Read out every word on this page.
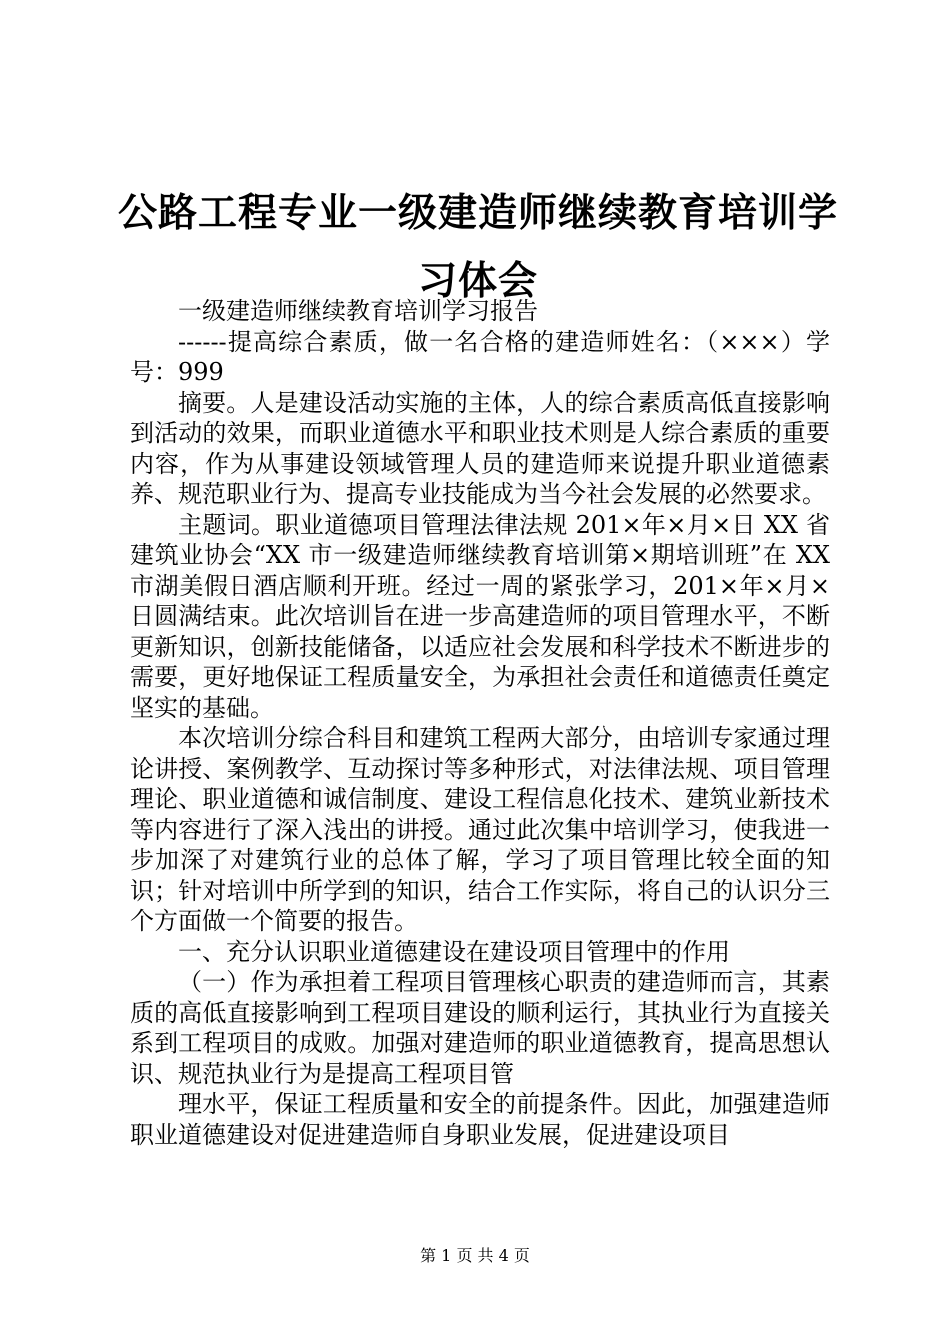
公路工程专业一级建造师继续教育培训学习体会

一级建造师继续教育培训学习报告

------提高综合素质，做一名合格的建造师姓名：（×××）学号：999

摘要。人是建设活动实施的主体，人的综合素质高低直接影响到活动的效果，而职业道德水平和职业技术则是人综合素质的重要内容，作为从事建设领域管理人员的建造师来说提升职业道德素养、规范职业行为、提高专业技能成为当今社会发展的必然要求。

主题词。职业道德项目管理法律法规 201×年×月×日 XX 省建筑业协会“XX 市一级建造师继续教育培训第×期培训班”在 XX 市湖美假日酒店顺利开班。经过一周的紧张学习，201×年×月×日圆满结束。此次培训旨在进一步高建造师的项目管理水平，不断更新知识，创新技能储备，以适应社会发展和科学技术不断进步的需要，更好地保证工程质量安全，为承担社会责任和道德责任奠定坚实的基础。

本次培训分综合科目和建筑工程两大部分，由培训专家通过理论讲授、案例教学、互动探讨等多种形式，对法律法规、项目管理理论、职业道德和诚信制度、建设工程信息化技术、建筑业新技术等内容进行了深入浅出的讲授。通过此次集中培训学习，使我进一步加深了对建筑行业的总体了解，学习了项目管理比较全面的知识；针对培训中所学到的知识，结合工作实际，将自己的认识分三个方面做一个简要的报告。

一、充分认识职业道德建设在建设项目管理中的作用

（一）作为承担着工程项目管理核心职责的建造师而言，其素质的高低直接影响到工程项目建设的顺利运行，其执业行为直接关系到工程项目的成败。加强对建造师的职业道德教育，提高思想认识、规范执业行为是提高工程项目管

理水平，保证工程质量和安全的前提条件。因此，加强建造师职业道德建设对促进建造师自身职业发展，促进建设项目

第 1 页 共 4 页
